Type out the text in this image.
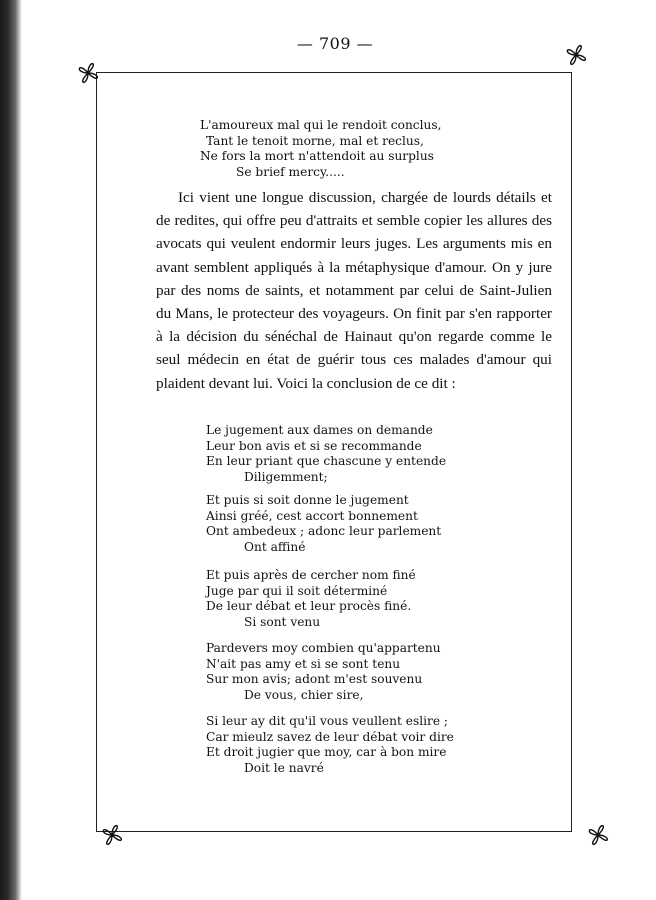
— 709 —
L'amoureux mal qui le rendoit conclus,
Tant le tenoit morne, mal et reclus,
Ne fors la mort n'attendoit au surplus
Se brief mercy.....

Ici vient une longue discussion, chargée de lourds détails et de redites, qui offre peu d'attraits et semble copier les allures des avocats qui veulent endormir leurs juges. Les arguments mis en avant semblent appliqués à la métaphysique d'amour. On y jure par des noms de saints, et notamment par celui de Saint-Julien du Mans, le protecteur des voyageurs. On finit par s'en rapporter à la décision du sénéchal de Hainaut qu'on regarde comme le seul médecin en état de guérir tous ces malades d'amour qui plaident devant lui. Voici la conclusion de ce dit :

Le jugement aux dames on demande
Leur bon avis et si se recommande
En leur priant que chascune y entende
Diligemment;
Et puis si soit donne le jugement
Ainsi gréé, cest accort bonnement
Ont ambedeux ; adonc leur parlement
Ont affiné
Et puis après de cercher nom finé
Juge par qui il soit déterminé
De leur débat et leur procès finé.
Si sont venu
Pardevers moy combien qu'appartenu
N'ait pas amy et si se sont tenu
Sur mon avis; adont m'est souvenu
De vous, chier sire,
Si leur ay dit qu'il vous veullent eslire ;
Car mieulz savez de leur débat voir dire
Et droit jugier que moy, car à bon mire
Doit le navré
